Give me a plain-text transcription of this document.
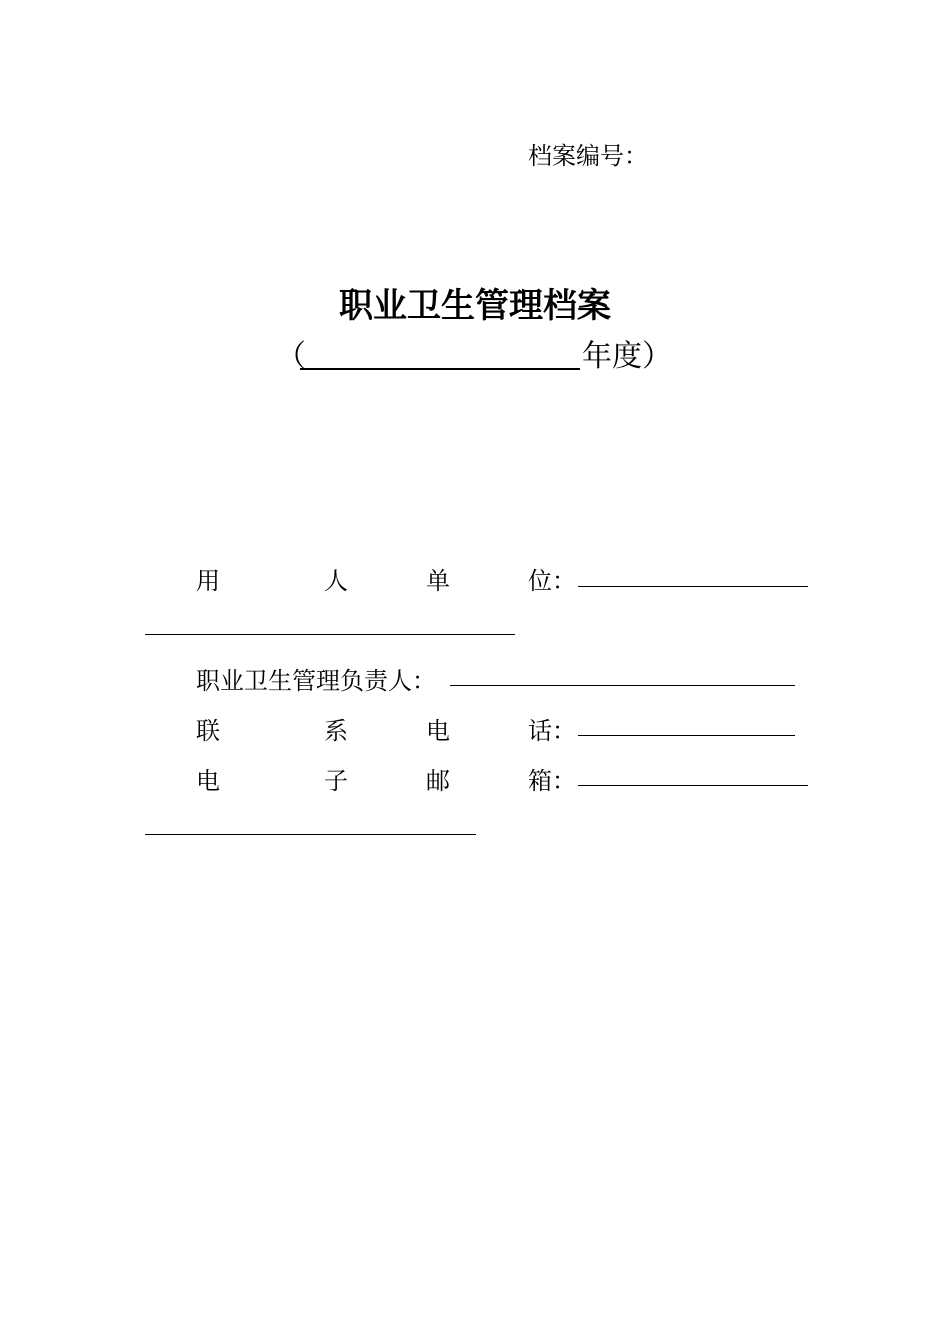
档案编号：
职业卫生管理档案
（	年度）
用	人	单	位：
职业卫生管理负责人：
联	系	电	话：
电	子	邮	箱：
